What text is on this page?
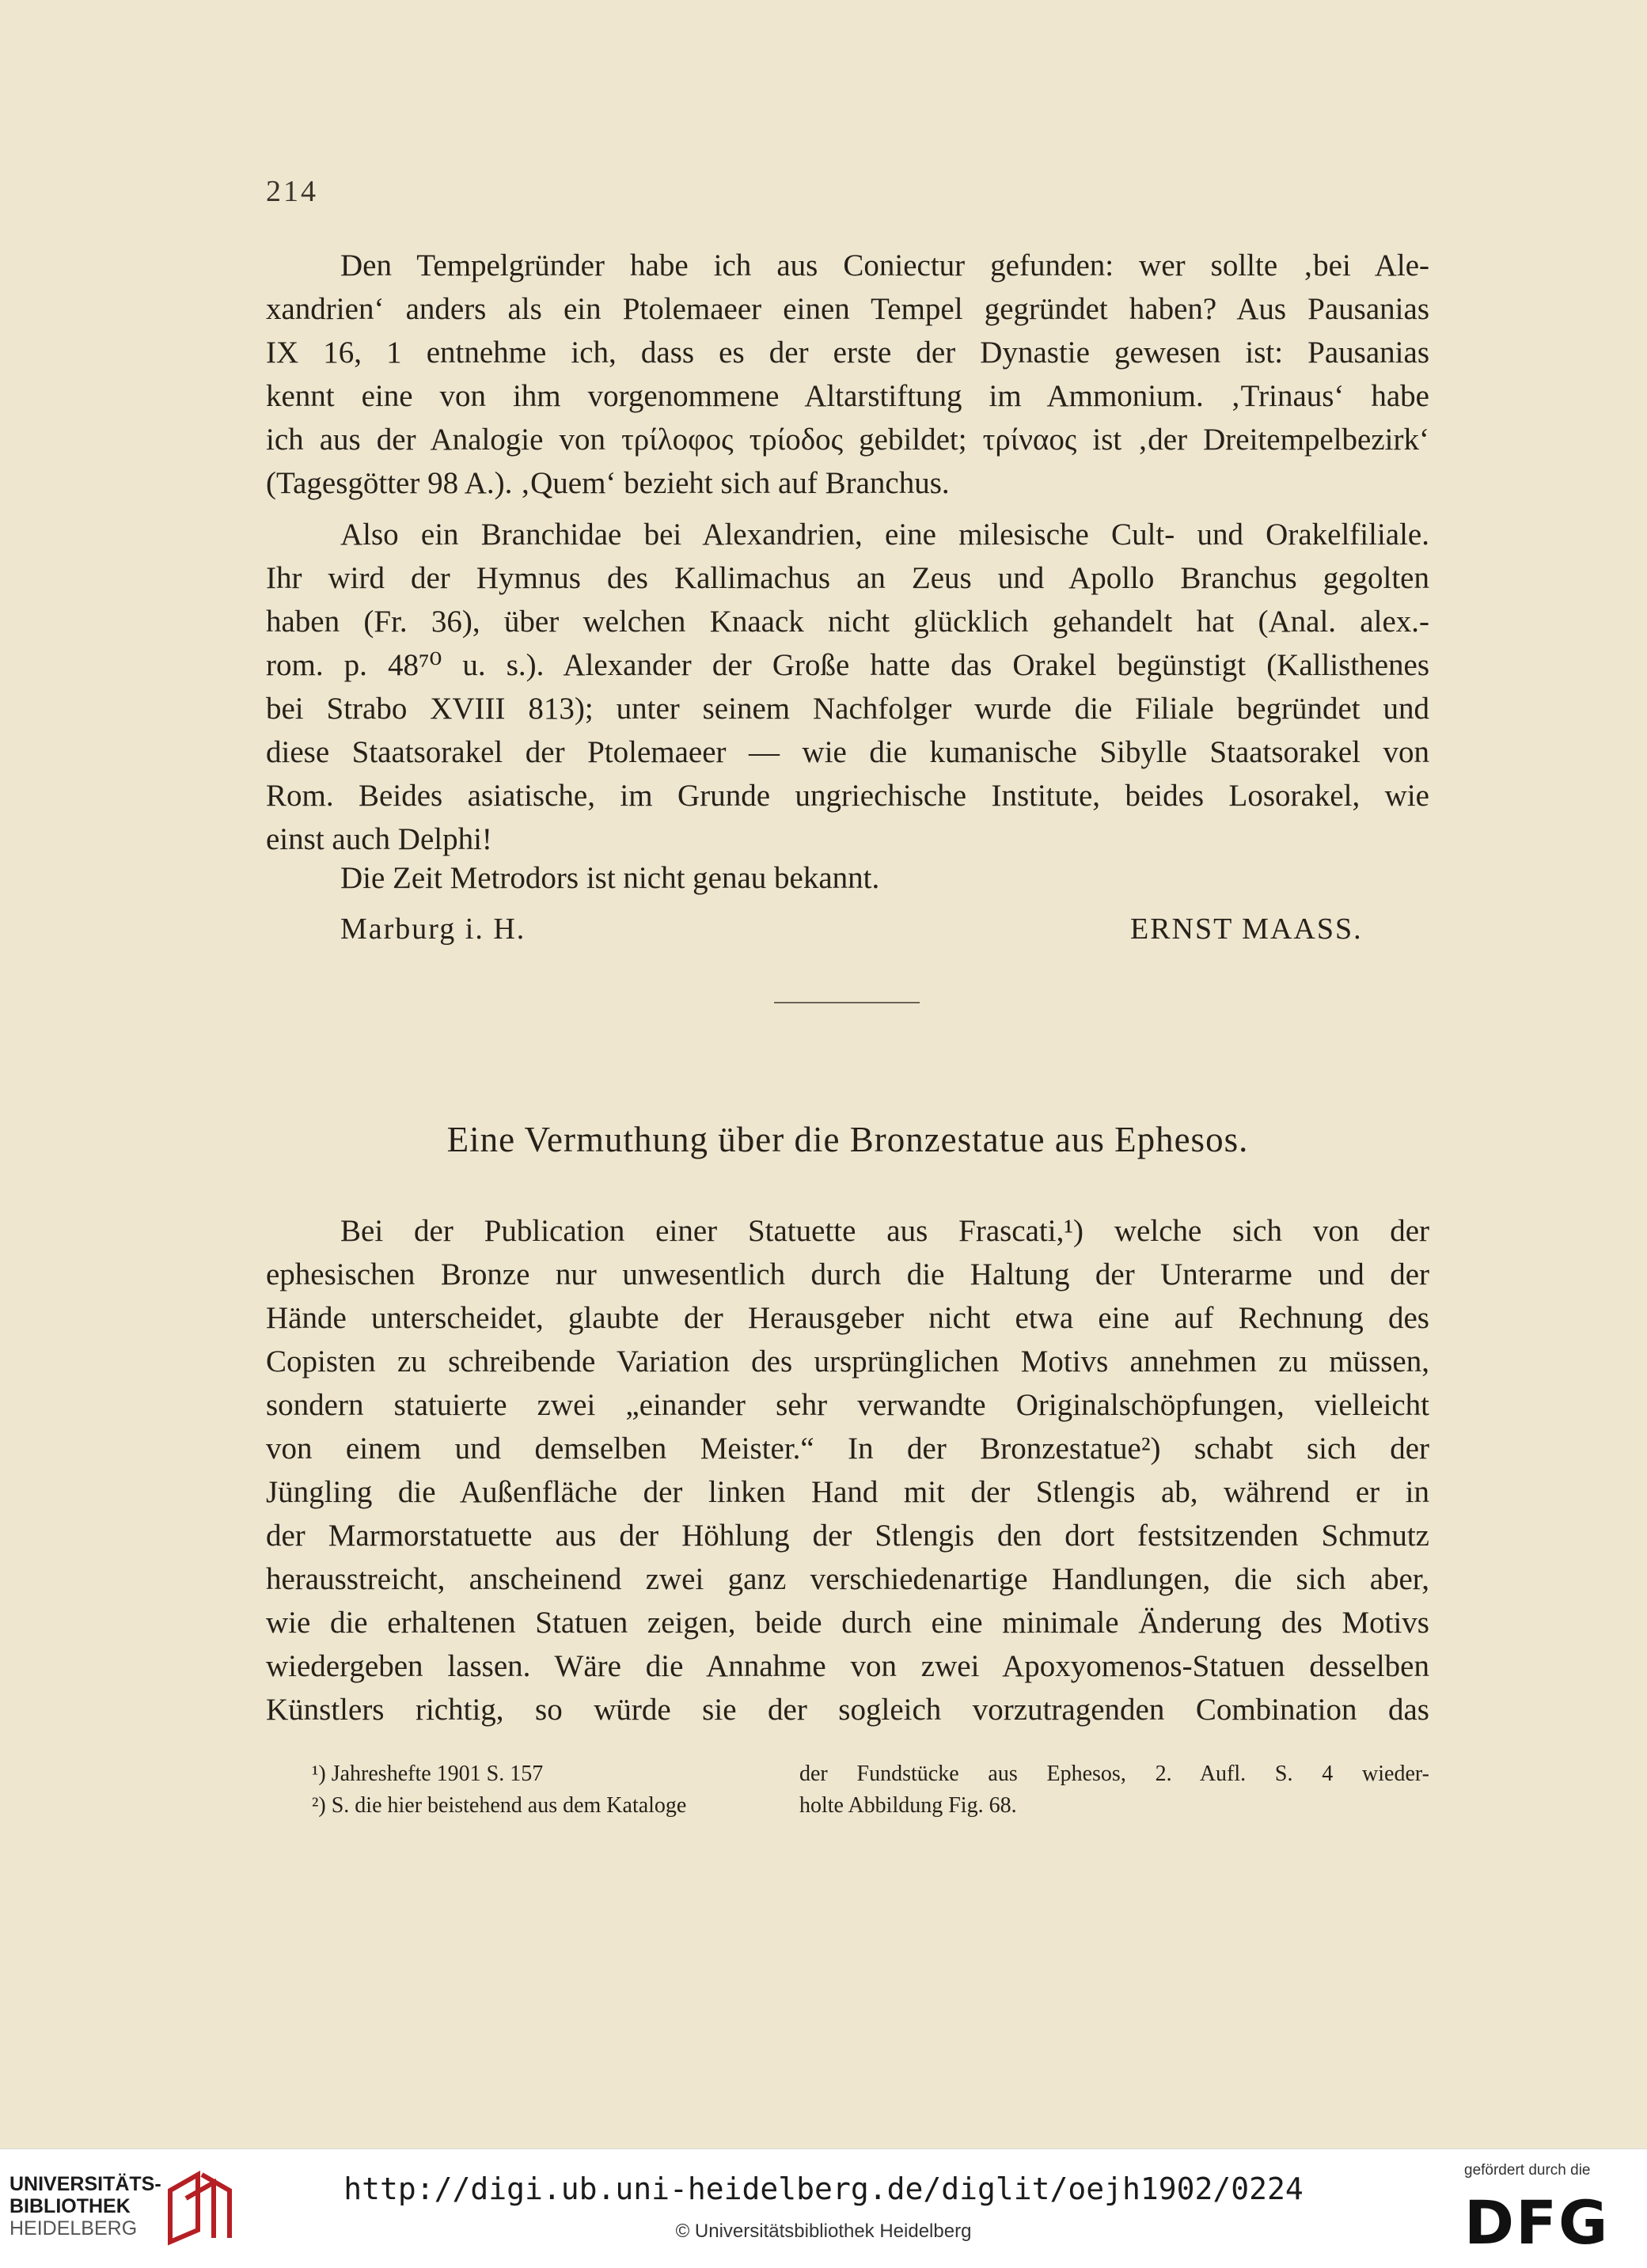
214
Den Tempelgründer habe ich aus Coniectur gefunden: wer sollte ‚bei Ale-
xandrien‘ anders als ein Ptolemaeer einen Tempel gegründet haben? Aus Pausanias
IX 16, 1 entnehme ich, dass es der erste der Dynastie gewesen ist: Pausanias
kennt eine von ihm vorgenommene Altarstiftung im Ammonium. ‚Trinaus‘ habe
ich aus der Analogie von τρίλοφος τρίοδος gebildet; τρίναος ist ‚der Dreitempelbezirk‘
(Tagesgötter 98 A.). ‚Quem‘ bezieht sich auf Branchus.
Also ein Branchidae bei Alexandrien, eine milesische Cult- und Orakelfiliale.
Ihr wird der Hymnus des Kallimachus an Zeus und Apollo Branchus gegolten
haben (Fr. 36), über welchen Knaack nicht glücklich gehandelt hat (Anal. alex.-
rom. p. 48⁷⁰ u. s.). Alexander der Große hatte das Orakel begünstigt (Kallisthenes
bei Strabo XVIII 813); unter seinem Nachfolger wurde die Filiale begründet und
diese Staatsorakel der Ptolemaeer — wie die kumanische Sibylle Staatsorakel von
Rom. Beides asiatische, im Grunde ungriechische Institute, beides Losorakel, wie
einst auch Delphi!
Die Zeit Metrodors ist nicht genau bekannt.
Marburg i. H.	ERNST MAASS.
Eine Vermuthung über die Bronzestatue aus Ephesos.
Bei der Publication einer Statuette aus Frascati,¹) welche sich von der
ephesischen Bronze nur unwesentlich durch die Haltung der Unterarme und der
Hände unterscheidet, glaubte der Herausgeber nicht etwa eine auf Rechnung des
Copisten zu schreibende Variation des ursprünglichen Motivs annehmen zu müssen,
sondern statuierte zwei „einander sehr verwandte Originalschöpfungen, vielleicht
von einem und demselben Meister.“ In der Bronzestatue²) schabt sich der
Jüngling die Außenfläche der linken Hand mit der Stlengis ab, während er in
der Marmorstatuette aus der Höhlung der Stlengis den dort festsitzenden Schmutz
herausstreicht, anscheinend zwei ganz verschiedenartige Handlungen, die sich aber,
wie die erhaltenen Statuen zeigen, beide durch eine minimale Änderung des Motivs
wiedergeben lassen. Wäre die Annahme von zwei Apoxyomenos-Statuen desselben
Künstlers richtig, so würde sie der sogleich vorzutragenden Combination das
¹) Jahreshefte 1901 S. 157
²) S. die hier beistehend aus dem Kataloge
der Fundstücke aus Ephesos, 2. Aufl. S. 4 wieder-
holte Abbildung Fig. 68.
UNIVERSITÄTS-
BIBLIOTHEK
HEIDELBERG
http://digi.ub.uni-heidelberg.de/diglit/oejh1902/0224
© Universitätsbibliothek Heidelberg
gefördert durch die
DFG
